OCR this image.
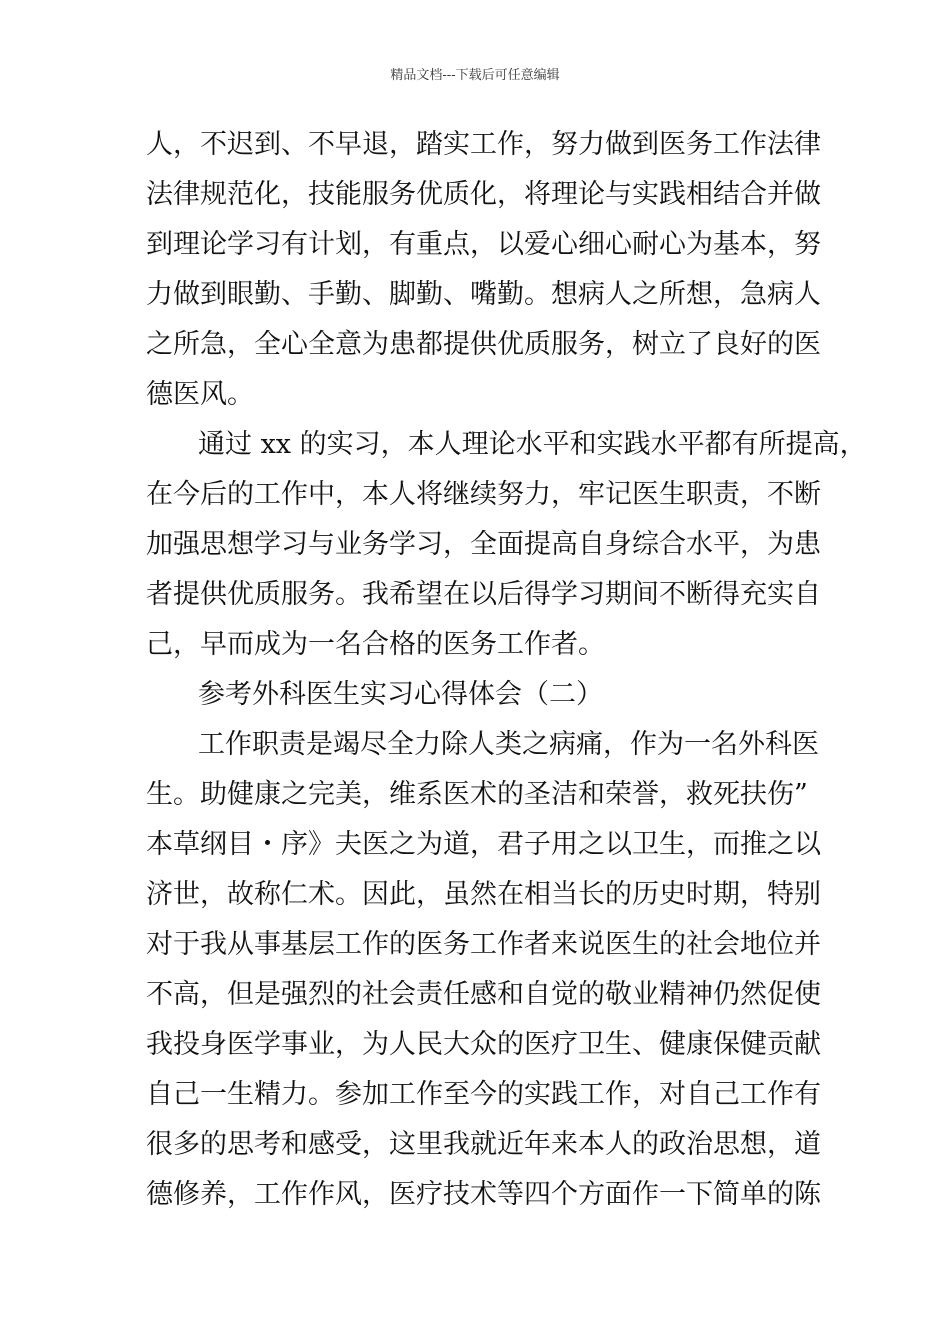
精品文档---下载后可任意编辑
人，不迟到、不早退，踏实工作，努力做到医务工作法律
法律规范化，技能服务优质化，将理论与实践相结合并做
到理论学习有计划，有重点，以爱心细心耐心为基本，努
力做到眼勤、手勤、脚勤、嘴勤。想病人之所想，急病人
之所急，全心全意为患都提供优质服务，树立了良好的医
德医风。
通过 xx 的实习，本人理论水平和实践水平都有所提高，
在今后的工作中，本人将继续努力，牢记医生职责，不断
加强思想学习与业务学习，全面提高自身综合水平，为患
者提供优质服务。我希望在以后得学习期间不断得充实自
己，早而成为一名合格的医务工作者。
参考外科医生实习心得体会（二）
工作职责是竭尽全力除人类之病痛，作为一名外科医
生。助健康之完美，维系医术的圣洁和荣誉，救死扶伤”
本草纲目・序》夫医之为道，君子用之以卫生，而推之以
济世，故称仁术。因此，虽然在相当长的历史时期，特别
对于我从事基层工作的医务工作者来说医生的社会地位并
不高，但是强烈的社会责任感和自觉的敬业精神仍然促使
我投身医学事业，为人民大众的医疗卫生、健康保健贡献
自己一生精力。参加工作至今的实践工作，对自己工作有
很多的思考和感受，这里我就近年来本人的政治思想，道
德修养，工作作风，医疗技术等四个方面作一下简单的陈
